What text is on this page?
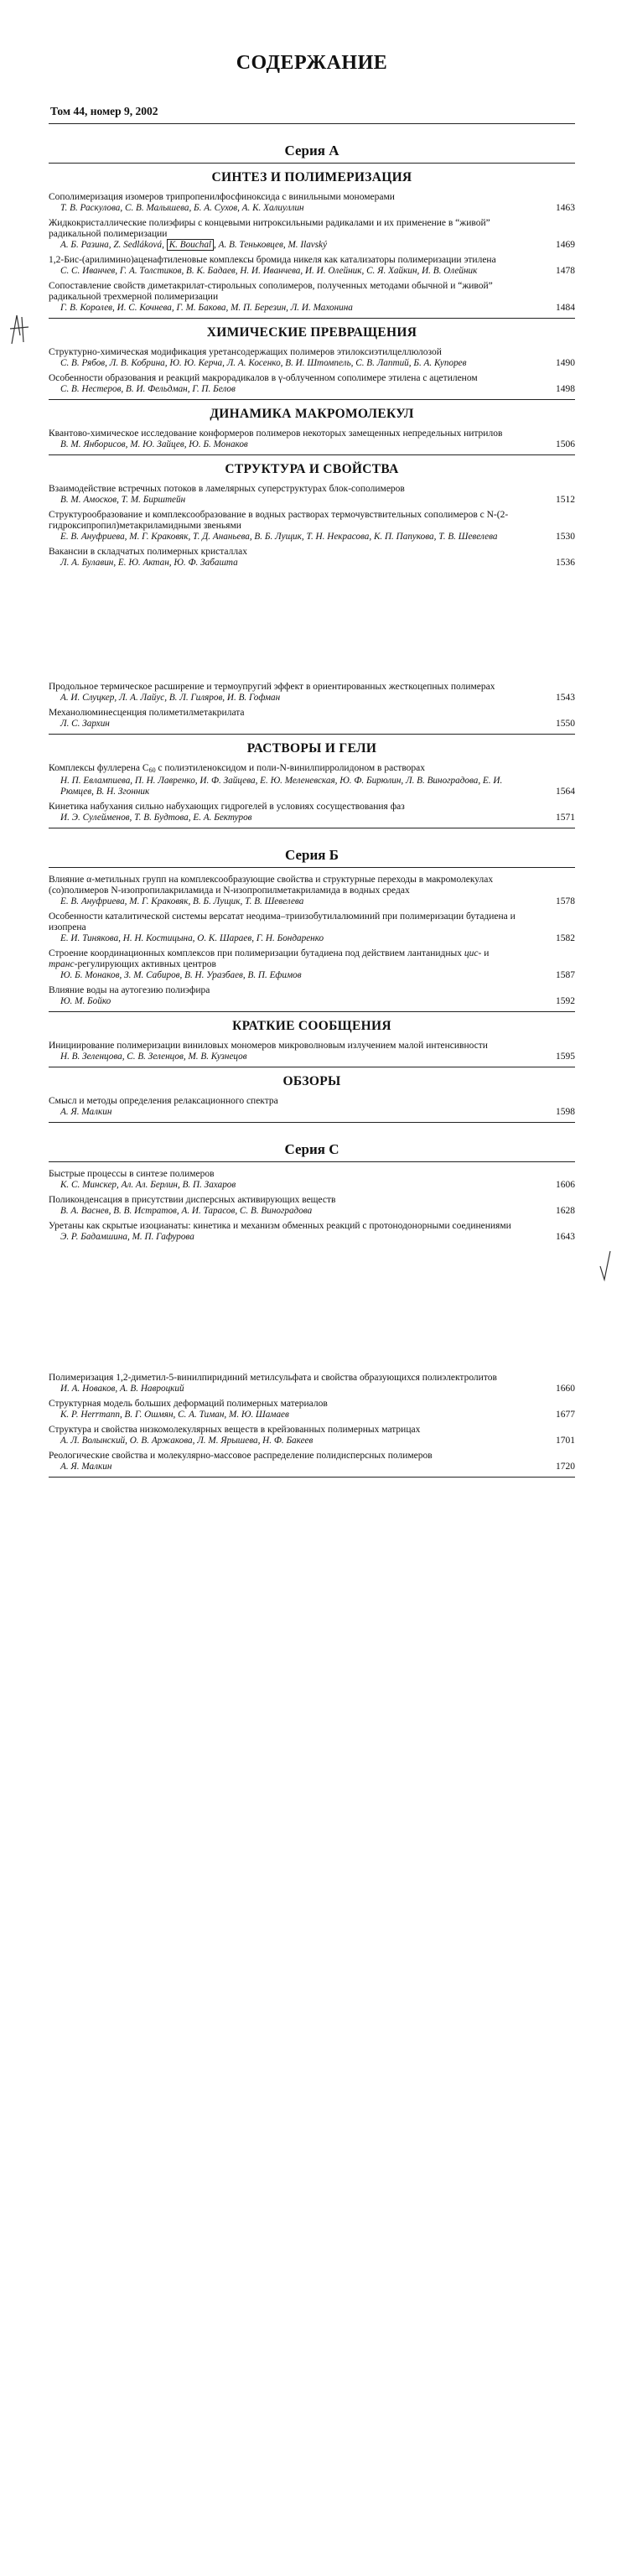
СОДЕРЖАНИЕ
Том 44, номер 9, 2002
Серия А
СИНТЕЗ И ПОЛИМЕРИЗАЦИЯ
Сополимеризация изомеров трипропенилфосфиноксида с винильными мономерами
Т. В. Раскулова, С. В. Малышева, Б. А. Сухов, А. К. Халиуллин	1463
Жидкокристаллические полиэфиры с концевыми нитроксильными радикалами и их применение в “живой” радикальной полимеризации
А. Б. Разина, Z. Sedláková, K. Bouchal , А. В. Теньковцев, M. Ilavský	1469
1,2-Бис-(арилимино)аценафтиленовые комплексы бромида никеля как катализаторы полимеризации этилена
С. С. Иванчев, Г. А. Толстиков, В. К. Бадаев, Н. И. Иванчева, И. И. Олейник, С. Я. Хайкин, И. В. Олейник	1478
Сопоставление свойств диметакрилат-стирольных сополимеров, полученных методами обычной и “живой” радикальной трехмерной полимеризации
Г. В. Королев, И. С. Кочнева, Г. М. Бакова, М. П. Березин, Л. И. Махонина	1484
ХИМИЧЕСКИЕ ПРЕВРАЩЕНИЯ
Структурно-химическая модификация уретансодержащих полимеров этилоксиэтилцеллюлозой
С. В. Рябов, Л. В. Кобрина, Ю. Ю. Керча, Л. А. Косенко, В. И. Штомпель, С. В. Лаптий, Б. А. Купорев	1490
Особенности образования и реакций макрорадикалов в γ-облученном сополимере этилена с ацетиленом
С. В. Нестеров, В. И. Фельдман, Г. П. Белов	1498
ДИНАМИКА МАКРОМОЛЕКУЛ
Квантово-химическое исследование конформеров полимеров некоторых замещенных непредельных нитрилов
В. М. Янборисов, М. Ю. Зайцев, Ю. Б. Монаков	1506
СТРУКТУРА И СВОЙСТВА
Взаимодействие встречных потоков в ламелярных суперструктурах блок-сополимеров
В. М. Амосков, Т. М. Бирштейн	1512
Структурообразование и комплексообразование в водных растворах термочувствительных сополимеров с N-(2-гидроксипропил)метакриламидными звеньями
Е. В. Ануфриева, М. Г. Краковяк, Т. Д. Ананьева, В. Б. Лущик, Т. Н. Некрасова, К. П. Папукова, Т. В. Шевелева	1530
Вакансии в складчатых полимерных кристаллах
Л. А. Булавин, Е. Ю. Актан, Ю. Ф. Забашта	1536
Продольное термическое расширение и термоупругий эффект в ориентированных жесткоцепных полимерах
А. И. Слуцкер, Л. А. Лайус, В. Л. Гиляров, И. В. Гофман	1543
Механолюминесценция полиметилметакрилата
Л. С. Зархин	1550
РАСТВОРЫ И ГЕЛИ
Комплексы фуллерена $C_{60}$ с полиэтиленоксидом и поли-N-винилпирролидоном в растворах
Н. П. Евлампиева, П. Н. Лавренко, И. Ф. Зайцева, Е. Ю. Меленевская, Ю. Ф. Бирюлин, Л. В. Виноградова, Е. И. Рюмцев, В. Н. Згонник	1564
Кинетика набухания сильно набухающих гидрогелей в условиях сосуществования фаз
И. Э. Сулейменов, Т. В. Будтова, Е. А. Бектуров	1571
Серия Б
Влияние α-метильных групп на комплексообразующие свойства и структурные переходы в макромолекулах (со)полимеров N-изопропилакриламида и N-изопропилметакриламида в водных средах
Е. В. Ануфриева, М. Г. Краковяк, В. Б. Лущик, Т. В. Шевелева	1578
Особенности каталитической системы версатат неодима–триизобутилалюминий при полимеризации бутадиена и изопрена
Е. И. Тинякова, Н. Н. Костицына, О. К. Шараев, Г. Н. Бондаренко	1582
Строение координационных комплексов при полимеризации бутадиена под действием лантанидных цис- и транс-регулирующих активных центров
Ю. Б. Монаков, З. М. Сабиров, В. Н. Уразбаев, В. П. Ефимов	1587
Влияние воды на аутогезию полиэфира
Ю. М. Бойко	1592
КРАТКИЕ СООБЩЕНИЯ
Инициирование полимеризации виниловых мономеров микроволновым излучением малой интенсивности
Н. В. Зеленцова, С. В. Зеленцов, М. В. Кузнецов	1595
ОБЗОРЫ
Смысл и методы определения релаксационного спектра
А. Я. Малкин	1598
Серия С
Быстрые процессы в синтезе полимеров
К. С. Минскер, Ал. Ал. Берлин, В. П. Захаров	1606
Поликонденсация в присутствии дисперсных активирующих веществ
В. А. Васнев, В. В. Истратов, А. И. Тарасов, С. В. Виноградова	1628
Уретаны как скрытые изоцианаты: кинетика и механизм обменных реакций с протонодонорными соединениями
Э. Р. Бадамшина, М. П. Гафурова	1643
Полимеризация 1,2-диметил-5-винилпиридиний метилсульфата и свойства образующихся полиэлектролитов
И. А. Новаков, А. В. Навроцкий	1660
Структурная модель больших деформаций полимерных материалов
К. Р. Herrmann, В. Г. Ошмян, С. А. Тиман, М. Ю. Шамаев	1677
Структура и свойства низкомолекулярных веществ в крейзованных полимерных матрицах
А. Л. Волынский, О. В. Аржакова, Л. М. Ярышева, Н. Ф. Бакеев	1701
Реологические свойства и молекулярно-массовое распределение полидисперсных полимеров
А. Я. Малкин	1720
